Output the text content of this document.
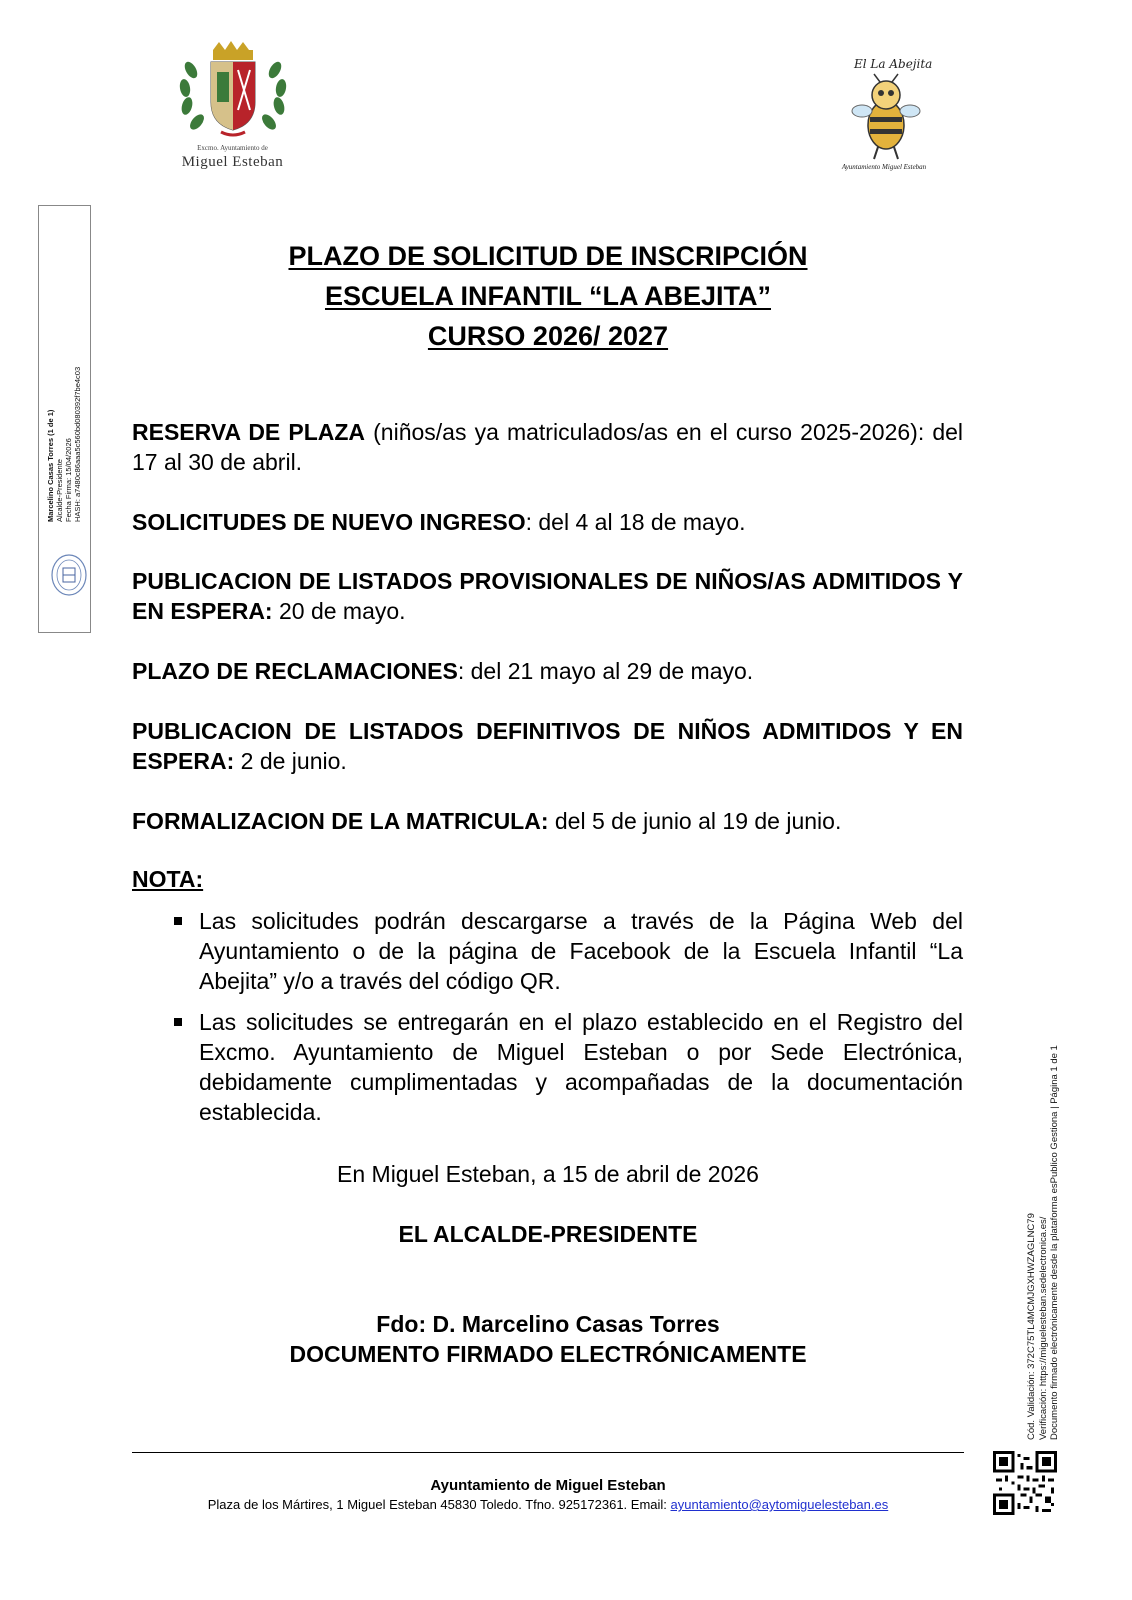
Excmo. Ayuntamiento de
Miguel Esteban
El La Abejita
Ayuntamiento Miguel Esteban
Marcelino Casas Torres (1 de 1) Alcalde-Presidente Fecha Firma: 15/04/2026 HASH: a7480c86aaa5c560bd080392f7be4c03
PLAZO DE SOLICITUD DE INSCRIPCIÓN
ESCUELA INFANTIL “LA ABEJITA”
CURSO 2026/ 2027
RESERVA DE PLAZA (niños/as ya matriculados/as en el curso 2025-2026): del 17 al 30 de abril.
SOLICITUDES DE NUEVO INGRESO: del 4 al 18 de mayo.
PUBLICACION DE LISTADOS PROVISIONALES DE NIÑOS/AS ADMITIDOS Y EN ESPERA: 20 de mayo.
PLAZO DE RECLAMACIONES: del 21 mayo al 29 de mayo.
PUBLICACION DE LISTADOS DEFINITIVOS DE NIÑOS ADMITIDOS Y EN ESPERA: 2 de junio.
FORMALIZACION DE LA MATRICULA: del 5 de junio al 19 de junio.
NOTA:
Las solicitudes podrán descargarse a través de la Página Web del Ayuntamiento o de la página de Facebook de la Escuela Infantil “La Abejita” y/o a través del código QR.
Las solicitudes se entregarán en el plazo establecido en el Registro del Excmo. Ayuntamiento de Miguel Esteban o por Sede Electrónica, debidamente cumplimentadas y acompañadas de la documentación establecida.
En Miguel Esteban, a 15 de abril de 2026
EL ALCALDE-PRESIDENTE
Fdo: D. Marcelino Casas Torres
DOCUMENTO FIRMADO ELECTRÓNICAMENTE	Cód. Validación: 372C75TL4MCMJGXHWZAGLNC79 Verificación: https://miguelesteban.sedelectronica.es/ Documento firmado electrónicamente desde la plataforma esPublico Gestiona | Página 1 de 1
Ayuntamiento de Miguel Esteban
Plaza de los Mártires, 1 Miguel Esteban 45830 Toledo. Tfno. 925172361. Email: ayuntamiento@aytomiguelesteban.es
